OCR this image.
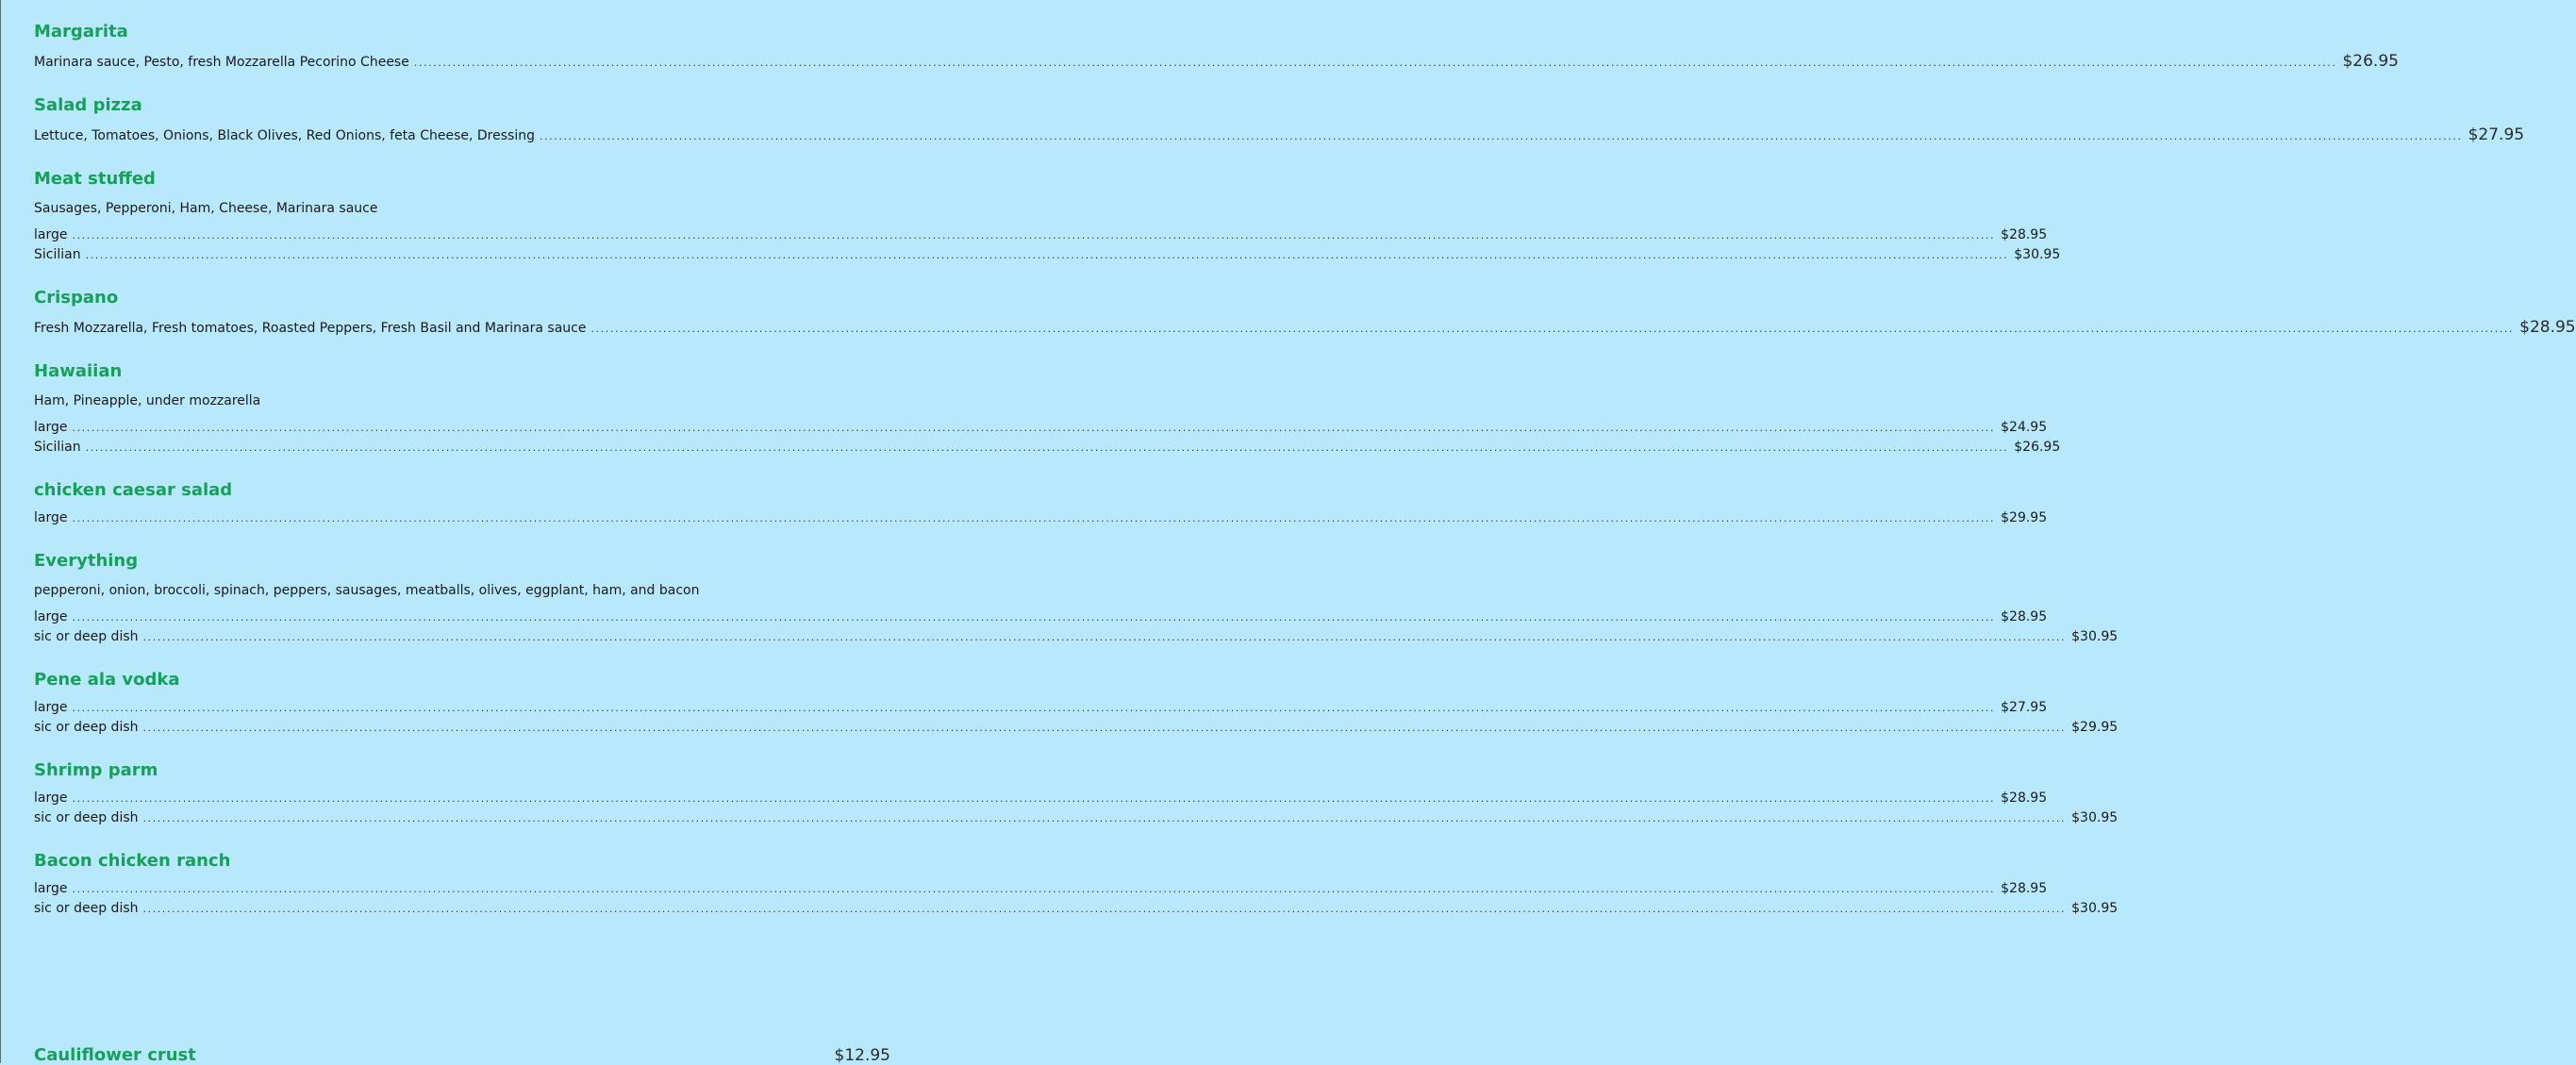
Margarita
Marinara sauce, Pesto, fresh Mozzarella Pecorino Cheese ................................................................................................................................................................................................................................................................................................................................................................................................................ $26.95
Salad pizza
Lettuce, Tomatoes, Onions, Black Olives, Red Onions, feta Cheese, Dressing ................................................................................................................................................................................................................................................................................................................................................................................................................ $27.95
Meat stuffed
Sausages, Pepperoni, Ham, Cheese, Marinara sauce
large ................................................................................................................................................................................................................................................................................................................................................................................................................ $28.95
Sicilian ................................................................................................................................................................................................................................................................................................................................................................................................................ $30.95
Crispano
Fresh Mozzarella, Fresh tomatoes, Roasted Peppers, Fresh Basil and Marinara sauce ................................................................................................................................................................................................................................................................................................................................................................................................................ $28.95
Hawaiian
Ham, Pineapple, under mozzarella
large ................................................................................................................................................................................................................................................................................................................................................................................................................ $24.95
Sicilian ................................................................................................................................................................................................................................................................................................................................................................................................................ $26.95
chicken caesar salad
large ................................................................................................................................................................................................................................................................................................................................................................................................................ $29.95
Everything
pepperoni, onion, broccoli, spinach, peppers, sausages, meatballs, olives, eggplant, ham, and bacon
large ................................................................................................................................................................................................................................................................................................................................................................................................................ $28.95
sic or deep dish ................................................................................................................................................................................................................................................................................................................................................................................................................ $30.95
Pene ala vodka
large ................................................................................................................................................................................................................................................................................................................................................................................................................ $27.95
sic or deep dish ................................................................................................................................................................................................................................................................................................................................................................................................................ $29.95
Shrimp parm
large ................................................................................................................................................................................................................................................................................................................................................................................................................ $28.95
sic or deep dish ................................................................................................................................................................................................................................................................................................................................................................................................................ $30.95
Bacon chicken ranch
large ................................................................................................................................................................................................................................................................................................................................................................................................................ $28.95
sic or deep dish ................................................................................................................................................................................................................................................................................................................................................................................................................ $30.95
Cauliflower crust	$12.95
